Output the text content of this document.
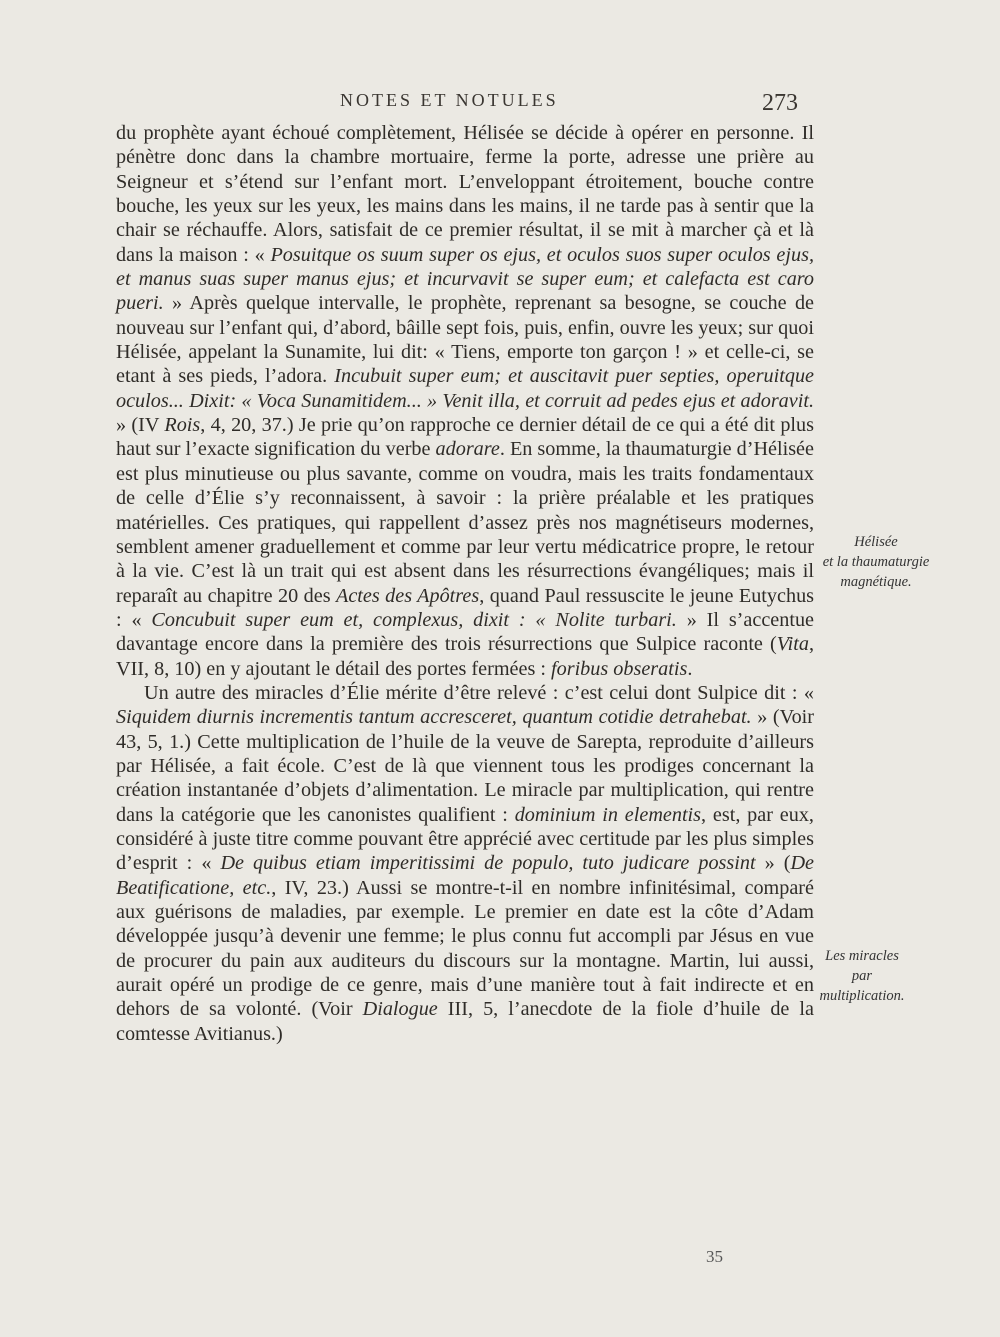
NOTES ET NOTULES	273

du prophète ayant échoué complètement, Hélisée se décide à opérer en personne. Il pénètre donc dans la chambre mortuaire, ferme la porte, adresse une prière au Seigneur et s’étend sur l’enfant mort. L’enveloppant étroitement, bouche contre bouche, les yeux sur les yeux, les mains dans les mains, il ne tarde pas à sentir que la chair se réchauffe. Alors, satisfait de ce premier résultat, il se mit à marcher çà et là dans la maison : « Posuitque os suum super os ejus, et oculos suos super oculos ejus, et manus suas super manus ejus; et incurvavit se super eum; et calefacta est caro pueri. » Après quelque intervalle, le prophète, reprenant sa besogne, se couche de nouveau sur l’enfant qui, d’abord, bâille sept fois, puis, enfin, ouvre les yeux; sur quoi Hélisée, appelant la Sunamite, lui dit: « Tiens, emporte ton garçon ! » et celle-ci, se etant à ses pieds, l’adora. Incubuit super eum; et auscitavit puer septies, operuitque oculos... Dixit: « Voca Sunamitidem... » Venit illa, et corruit ad pedes ejus et adoravit. » (IV Rois, 4, 20, 37.) Je prie qu’on rapproche ce dernier détail de ce qui a été dit plus haut sur l’exacte signification du verbe adorare. En somme, la thaumaturgie d’Hélisée est plus minutieuse ou plus savante, comme on voudra, mais les traits fondamentaux de celle d’Élie s’y reconnaissent, à savoir : la prière préalable et les pratiques matérielles. Ces pratiques, qui rappellent d’assez près nos magnétiseurs modernes, semblent amener graduellement et comme par leur vertu médicatrice propre, le retour à la vie. C’est là un trait qui est absent dans les résurrections évangéliques; mais il reparaît au chapitre 20 des Actes des Apôtres, quand Paul ressuscite le jeune Eutychus : « Concubuit super eum et, complexus, dixit : « Nolite turbari. » Il s’accentue davantage encore dans la première des trois résurrections que Sulpice raconte (Vita, VII, 8, 10) en y ajoutant le détail des portes fermées : foribus obseratis.

Un autre des miracles d’Élie mérite d’être relevé : c’est celui dont Sulpice dit : « Siquidem diurnis incrementis tantum accresceret, quantum cotidie detrahebat. » (Voir 43, 5, 1.) Cette multiplication de l’huile de la veuve de Sarepta, reproduite d’ailleurs par Hélisée, a fait école. C’est de là que viennent tous les prodiges concernant la création instantanée d’objets d’alimentation. Le miracle par multiplication, qui rentre dans la catégorie que les canonistes qualifient : dominium in elementis, est, par eux, considéré à juste titre comme pouvant être apprécié avec certitude par les plus simples d’esprit : « De quibus etiam imperitissimi de populo, tuto judicare possint » (De Beatificatione, etc., IV, 23.) Aussi se montre-t-il en nombre infinitésimal, comparé aux guérisons de maladies, par exemple. Le premier en date est la côte d’Adam développée jusqu’à devenir une femme; le plus connu fut accompli par Jésus en vue de procurer du pain aux auditeurs du discours sur la montagne. Martin, lui aussi, aurait opéré un prodige de ce genre, mais d’une manière tout à fait indirecte et en dehors de sa volonté. (Voir Dialogue III, 5, l’anecdote de la fiole d’huile de la comtesse Avitianus.)

Hélisée
et la thaumaturgie
magnétique.
Les miracles
par
multiplication.
35
